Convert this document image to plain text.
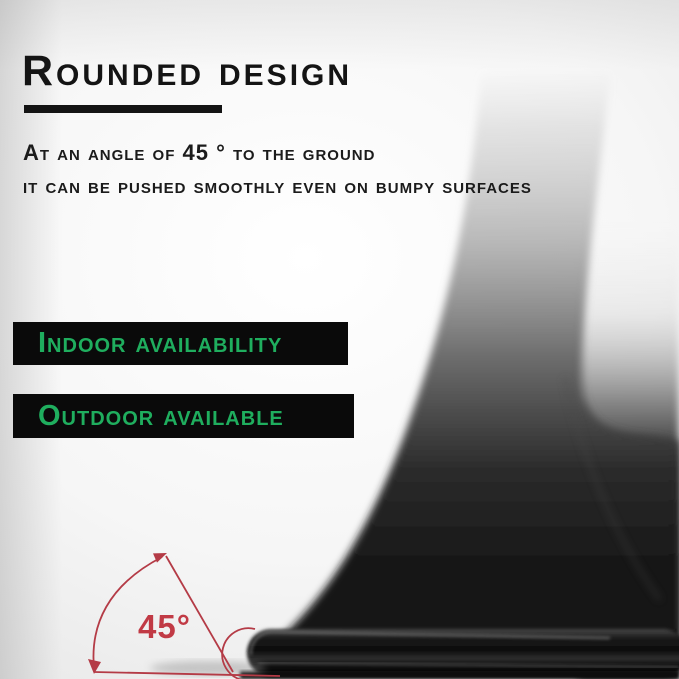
Rounded design
At an angle of 45 ° to the ground
it can be pushed smoothly even on bumpy surfaces
Indoor availability
Outdoor available
45°
